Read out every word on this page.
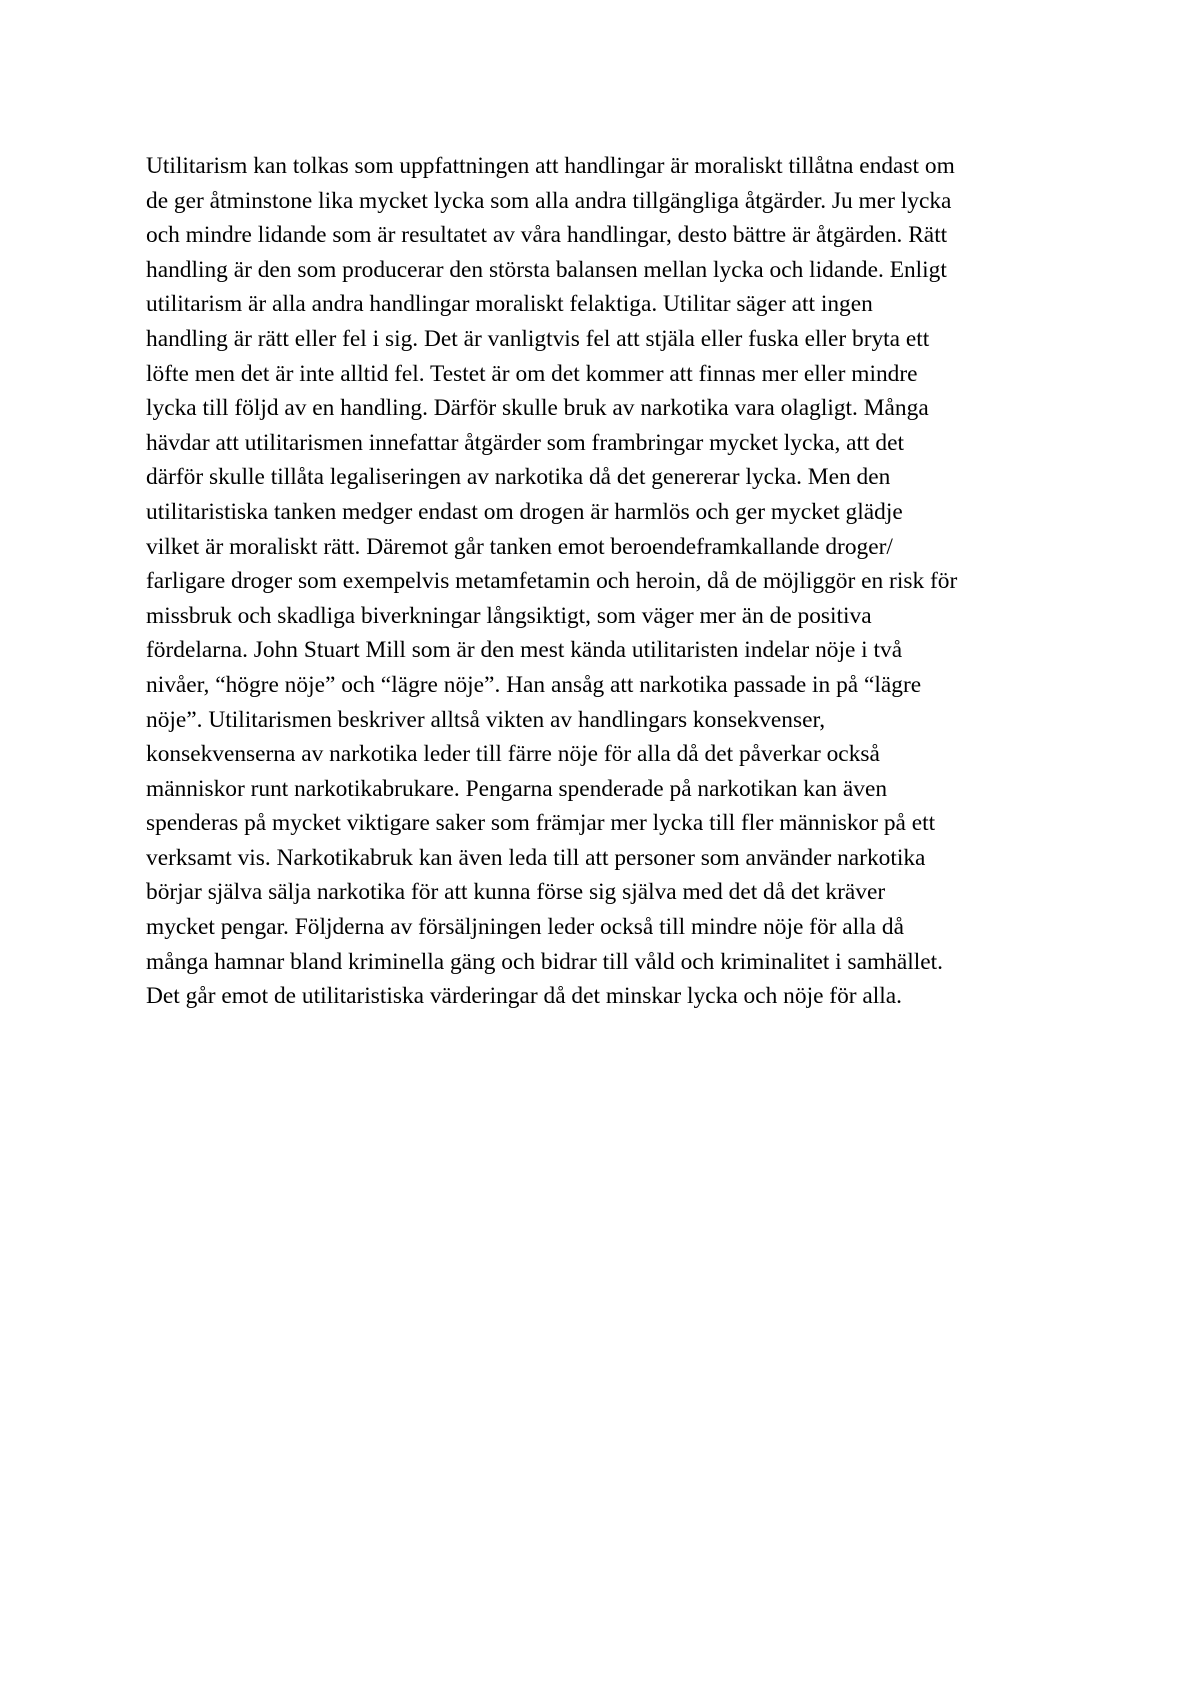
Utilitarism kan tolkas som uppfattningen att handlingar är moraliskt tillåtna endast om
de ger åtminstone lika mycket lycka som alla andra tillgängliga åtgärder. Ju mer lycka
och mindre lidande som är resultatet av våra handlingar, desto bättre är åtgärden. Rätt
handling är den som producerar den största balansen mellan lycka och lidande. Enligt
utilitarism är alla andra handlingar moraliskt felaktiga. Utilitar säger att ingen
handling är rätt eller fel i sig. Det är vanligtvis fel att stjäla eller fuska eller bryta ett
löfte men det är inte alltid fel. Testet är om det kommer att finnas mer eller mindre
lycka till följd av en handling. Därför skulle bruk av narkotika vara olagligt. Många
hävdar att utilitarismen innefattar åtgärder som frambringar mycket lycka, att det
därför skulle tillåta legaliseringen av narkotika då det genererar lycka. Men den
utilitaristiska tanken medger endast om drogen är harmlös och ger mycket glädje
vilket är moraliskt rätt. Däremot går tanken emot beroendeframkallande droger/
farligare droger som exempelvis metamfetamin och heroin, då de möjliggör en risk för
missbruk och skadliga biverkningar långsiktigt, som väger mer än de positiva
fördelarna. John Stuart Mill som är den mest kända utilitaristen indelar nöje i två
nivåer, “högre nöje” och “lägre nöje”. Han ansåg att narkotika passade in på “lägre
nöje”. Utilitarismen beskriver alltså vikten av handlingars konsekvenser,
konsekvenserna av narkotika leder till färre nöje för alla då det påverkar också
människor runt narkotikabrukare. Pengarna spenderade på narkotikan kan även
spenderas på mycket viktigare saker som främjar mer lycka till fler människor på ett
verksamt vis. Narkotikabruk kan även leda till att personer som använder narkotika
börjar själva sälja narkotika för att kunna förse sig själva med det då det kräver
mycket pengar. Följderna av försäljningen leder också till mindre nöje för alla då
många hamnar bland kriminella gäng och bidrar till våld och kriminalitet i samhället.
Det går emot de utilitaristiska värderingar då det minskar lycka och nöje för alla.
